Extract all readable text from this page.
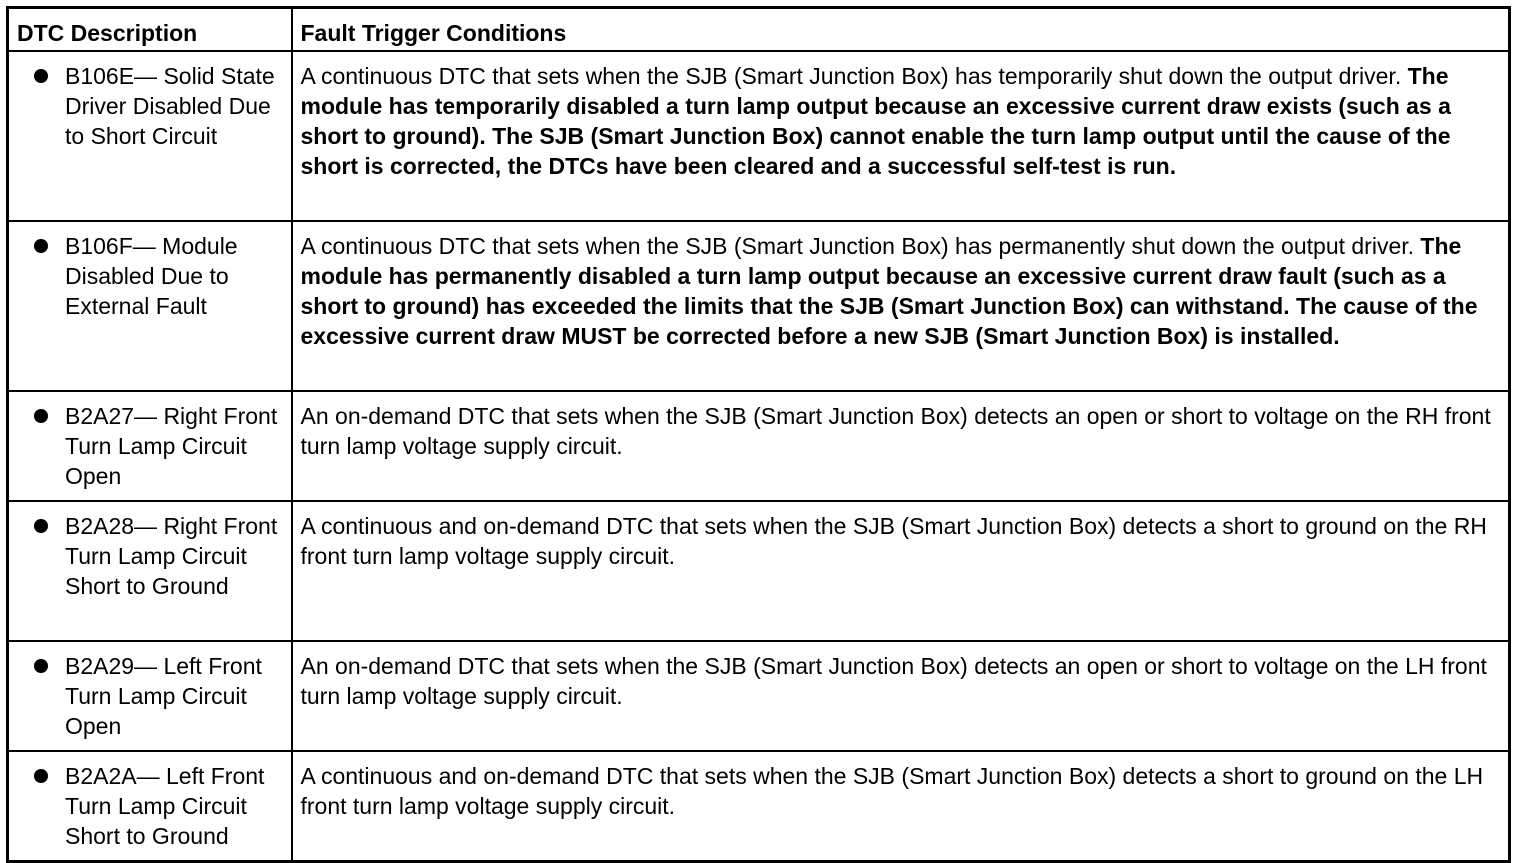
DTC Description	Fault Trigger Conditions

B106E— Solid State Driver Disabled Due to Short Circuit	A continuous DTC that sets when the SJB (Smart Junction Box) has temporarily shut down the output driver. The module has temporarily disabled a turn lamp output because an excessive current draw exists (such as a short to ground). The SJB (Smart Junction Box) cannot enable the turn lamp output until the cause of the short is corrected, the DTCs have been cleared and a successful self-test is run.

B106F— Module Disabled Due to External Fault	A continuous DTC that sets when the SJB (Smart Junction Box) has permanently shut down the output driver. The module has permanently disabled a turn lamp output because an excessive current draw fault (such as a short to ground) has exceeded the limits that the SJB (Smart Junction Box) can withstand. The cause of the excessive current draw MUST be corrected before a new SJB (Smart Junction Box) is installed.

B2A27— Right Front Turn Lamp Circuit Open	An on-demand DTC that sets when the SJB (Smart Junction Box) detects an open or short to voltage on the RH front turn lamp voltage supply circuit.

B2A28— Right Front Turn Lamp Circuit Short to Ground	A continuous and on-demand DTC that sets when the SJB (Smart Junction Box) detects a short to ground on the RH front turn lamp voltage supply circuit.

B2A29— Left Front Turn Lamp Circuit Open	An on-demand DTC that sets when the SJB (Smart Junction Box) detects an open or short to voltage on the LH front turn lamp voltage supply circuit.

B2A2A— Left Front Turn Lamp Circuit Short to Ground	A continuous and on-demand DTC that sets when the SJB (Smart Junction Box) detects a short to ground on the LH front turn lamp voltage supply circuit.
